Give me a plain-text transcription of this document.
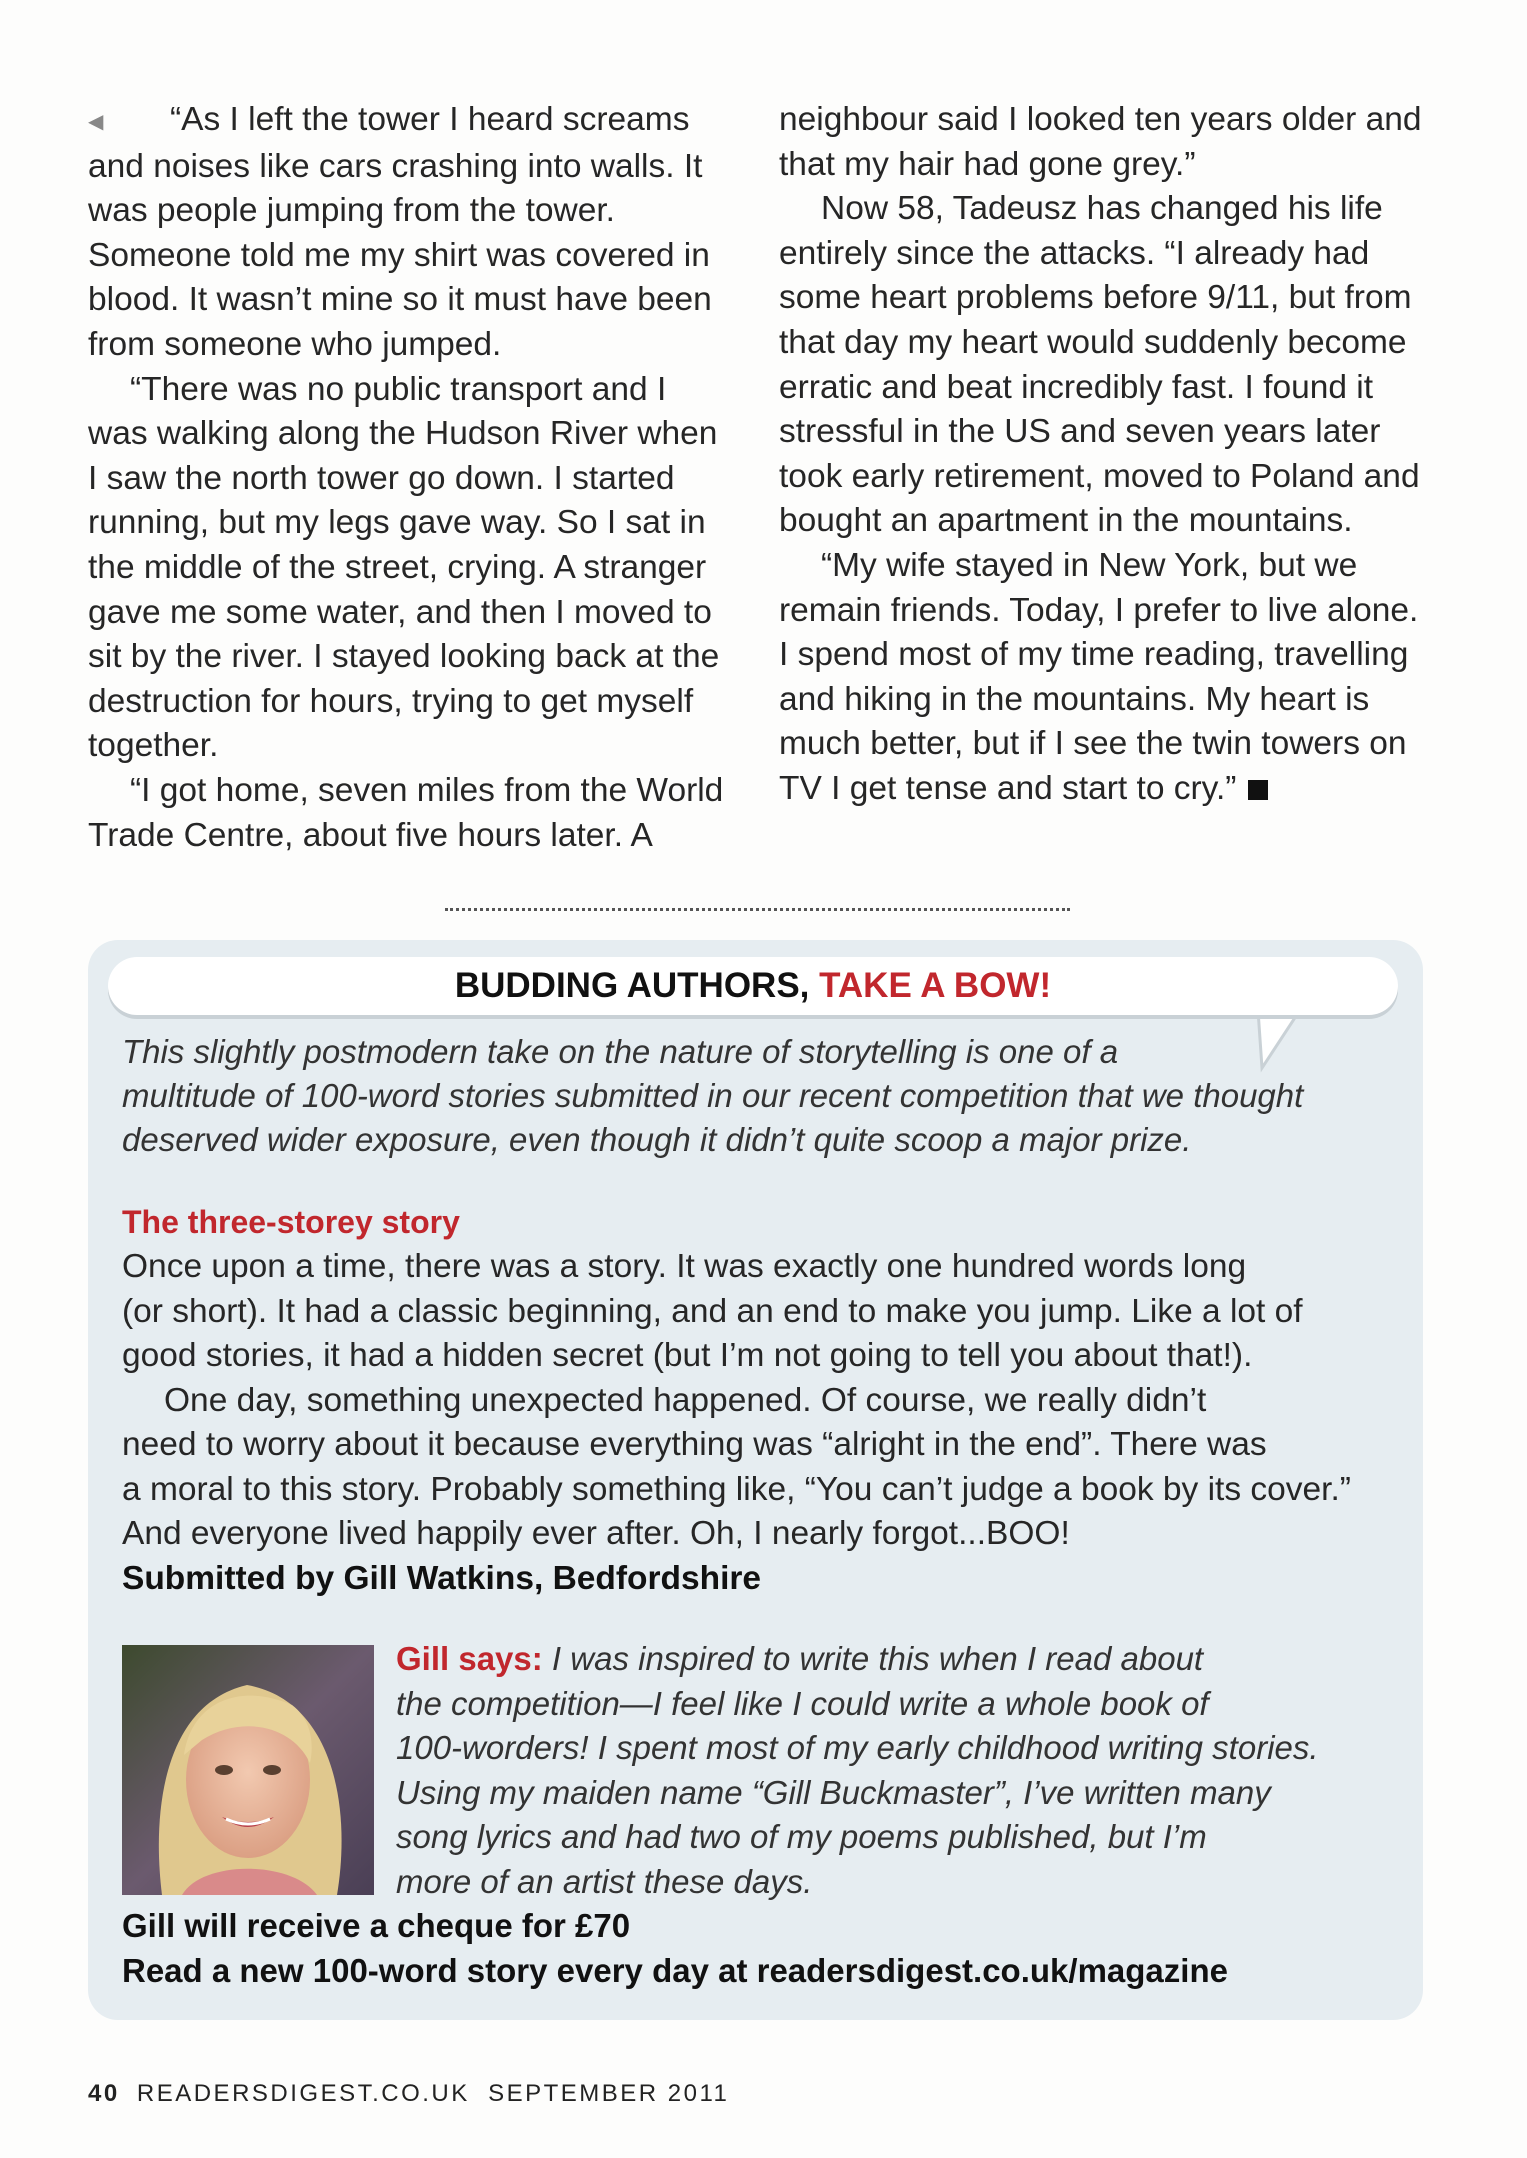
◀ “As I left the tower I heard screams and noises like cars crashing into walls. It was people jumping from the tower. Someone told me my shirt was covered in blood. It wasn’t mine so it must have been from someone who jumped.

“There was no public transport and I was walking along the Hudson River when I saw the north tower go down. I started running, but my legs gave way. So I sat in the middle of the street, crying. A stranger gave me some water, and then I moved to sit by the river. I stayed looking back at the destruction for hours, trying to get myself together.

“I got home, seven miles from the World Trade Centre, about five hours later. A

neighbour said I looked ten years older and that my hair had gone grey.”

Now 58, Tadeusz has changed his life entirely since the attacks. “I already had some heart problems before 9/11, but from that day my heart would suddenly become erratic and beat incredibly fast. I found it stressful in the US and seven years later took early retirement, moved to Poland and bought an apartment in the mountains.

“My wife stayed in New York, but we remain friends. Today, I prefer to live alone. I spend most of my time reading, travelling and hiking in the mountains. My heart is much better, but if I see the twin towers on TV I get tense and start to cry.”

BUDDING AUTHORS, TAKE A BOW!
This slightly postmodern take on the nature of storytelling is one of a
multitude of 100-word stories submitted in our recent competition that we thought
deserved wider exposure, even though it didn’t quite scoop a major prize.
The three-storey story
Once upon a time, there was a story. It was exactly one hundred words long
(or short). It had a classic beginning, and an end to make you jump. Like a lot of
good stories, it had a hidden secret (but I’m not going to tell you about that!).
One day, something unexpected happened. Of course, we really didn’t
need to worry about it because everything was “alright in the end”. There was
a moral to this story. Probably something like, “You can’t judge a book by its cover.”
And everyone lived happily ever after. Oh, I nearly forgot...BOO!
Submitted by Gill Watkins, Bedfordshire
Gill says: I was inspired to write this when I read about
the competition—I feel like I could write a whole book of
100-worders! I spent most of my early childhood writing stories.
Using my maiden name “Gill Buckmaster”, I’ve written many
song lyrics and had two of my poems published, but I’m
more of an artist these days.
Gill will receive a cheque for £70
Read a new 100-word story every day at readersdigest.co.uk/magazine
40 READERSDIGEST.CO.UK  SEPTEMBER 2011
